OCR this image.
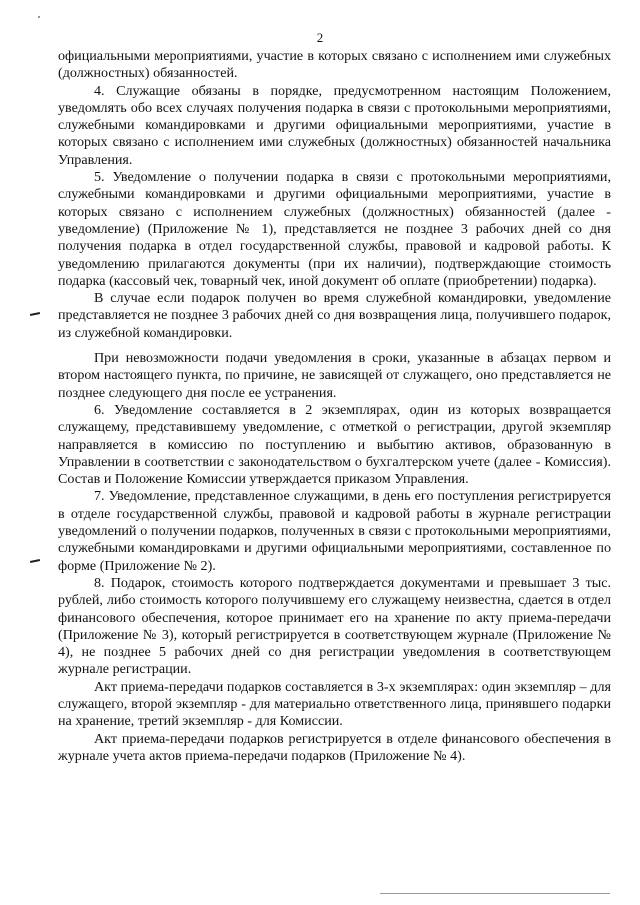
2

официальными мероприятиями, участие в которых связано с исполнением ими служебных (должностных) обязанностей.

4. Служащие обязаны в порядке, предусмотренном настоящим Положением, уведомлять обо всех случаях получения подарка в связи с протокольными мероприятиями, служебными командировками и другими официальными мероприятиями, участие в которых связано с исполнением ими служебных (должностных) обязанностей начальника Управления.

5. Уведомление о получении подарка в связи с протокольными мероприятиями, служебными командировками и другими официальными мероприятиями, участие в которых связано с исполнением служебных (должностных) обязанностей (далее - уведомление) (Приложение № 1), представляется не позднее 3 рабочих дней со дня получения подарка в отдел государственной службы, правовой и кадровой работы. К уведомлению прилагаются документы (при их наличии), подтверждающие стоимость подарка (кассовый чек, товарный чек, иной документ об оплате (приобретении) подарка).

В случае если подарок получен во время служебной командировки, уведомление представляется не позднее 3 рабочих дней со дня возвращения лица, получившего подарок, из служебной командировки.

При невозможности подачи уведомления в сроки, указанные в абзацах первом и втором настоящего пункта, по причине, не зависящей от служащего, оно представляется не позднее следующего дня после ее устранения.

6. Уведомление составляется в 2 экземплярах, один из которых возвращается служащему, представившему уведомление, с отметкой о регистрации, другой экземпляр направляется в комиссию по поступлению и выбытию активов, образованную в Управлении в соответствии с законодательством о бухгалтерском учете (далее - Комиссия). Состав и Положение Комиссии утверждается приказом Управления.

7. Уведомление, представленное служащими, в день его поступления регистрируется в отделе государственной службы, правовой и кадровой работы в журнале регистрации уведомлений о получении подарков, полученных в связи с протокольными мероприятиями, служебными командировками и другими официальными мероприятиями, составленное по форме (Приложение № 2).

8. Подарок, стоимость которого подтверждается документами и превышает 3 тыс. рублей, либо стоимость которого получившему его служащему неизвестна, сдается в отдел финансового обеспечения, которое принимает его на хранение по акту приема-передачи (Приложение № 3), который регистрируется в соответствующем журнале (Приложение № 4), не позднее 5 рабочих дней со дня регистрации уведомления в соответствующем журнале регистрации.

Акт приема-передачи подарков составляется в 3-х экземплярах: один экземпляр – для служащего, второй экземпляр - для материально ответственного лица, принявшего подарки на хранение, третий экземпляр - для Комиссии.

Акт приема-передачи подарков регистрируется в отделе финансового обеспечения в журнале учета актов приема-передачи подарков (Приложение № 4).
